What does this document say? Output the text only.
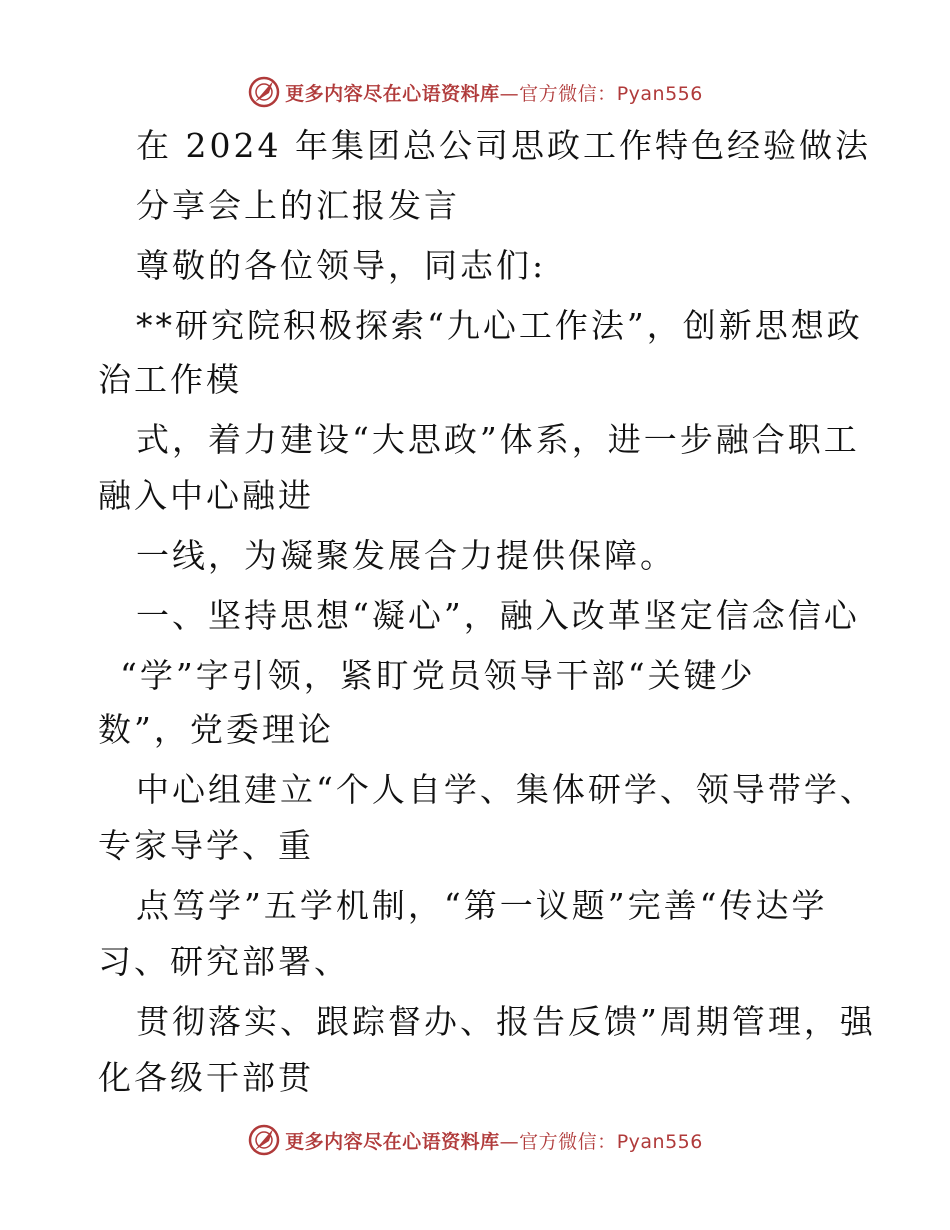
更多内容尽在心语资料库—官方微信：Pyan556
在 2024 年集团总公司思政工作特色经验做法
分享会上的汇报发言
尊敬的各位领导，同志们:
**研究院积极探索“九心工作法”，创新思想政
治工作模
式，着力建设“大思政”体系，进一步融合职工
融入中心融进
一线，为凝聚发展合力提供保障。
一、坚持思想“凝心”，融入改革坚定信念信心
“学”字引领，紧盯党员领导干部“关键少
数”，党委理论
中心组建立“个人自学、集体研学、领导带学、
专家导学、重
点笃学”五学机制，“第一议题”完善“传达学
习、研究部署、
贯彻落实、跟踪督办、报告反馈”周期管理，强
化各级干部贯
更多内容尽在心语资料库—官方微信：Pyan556
